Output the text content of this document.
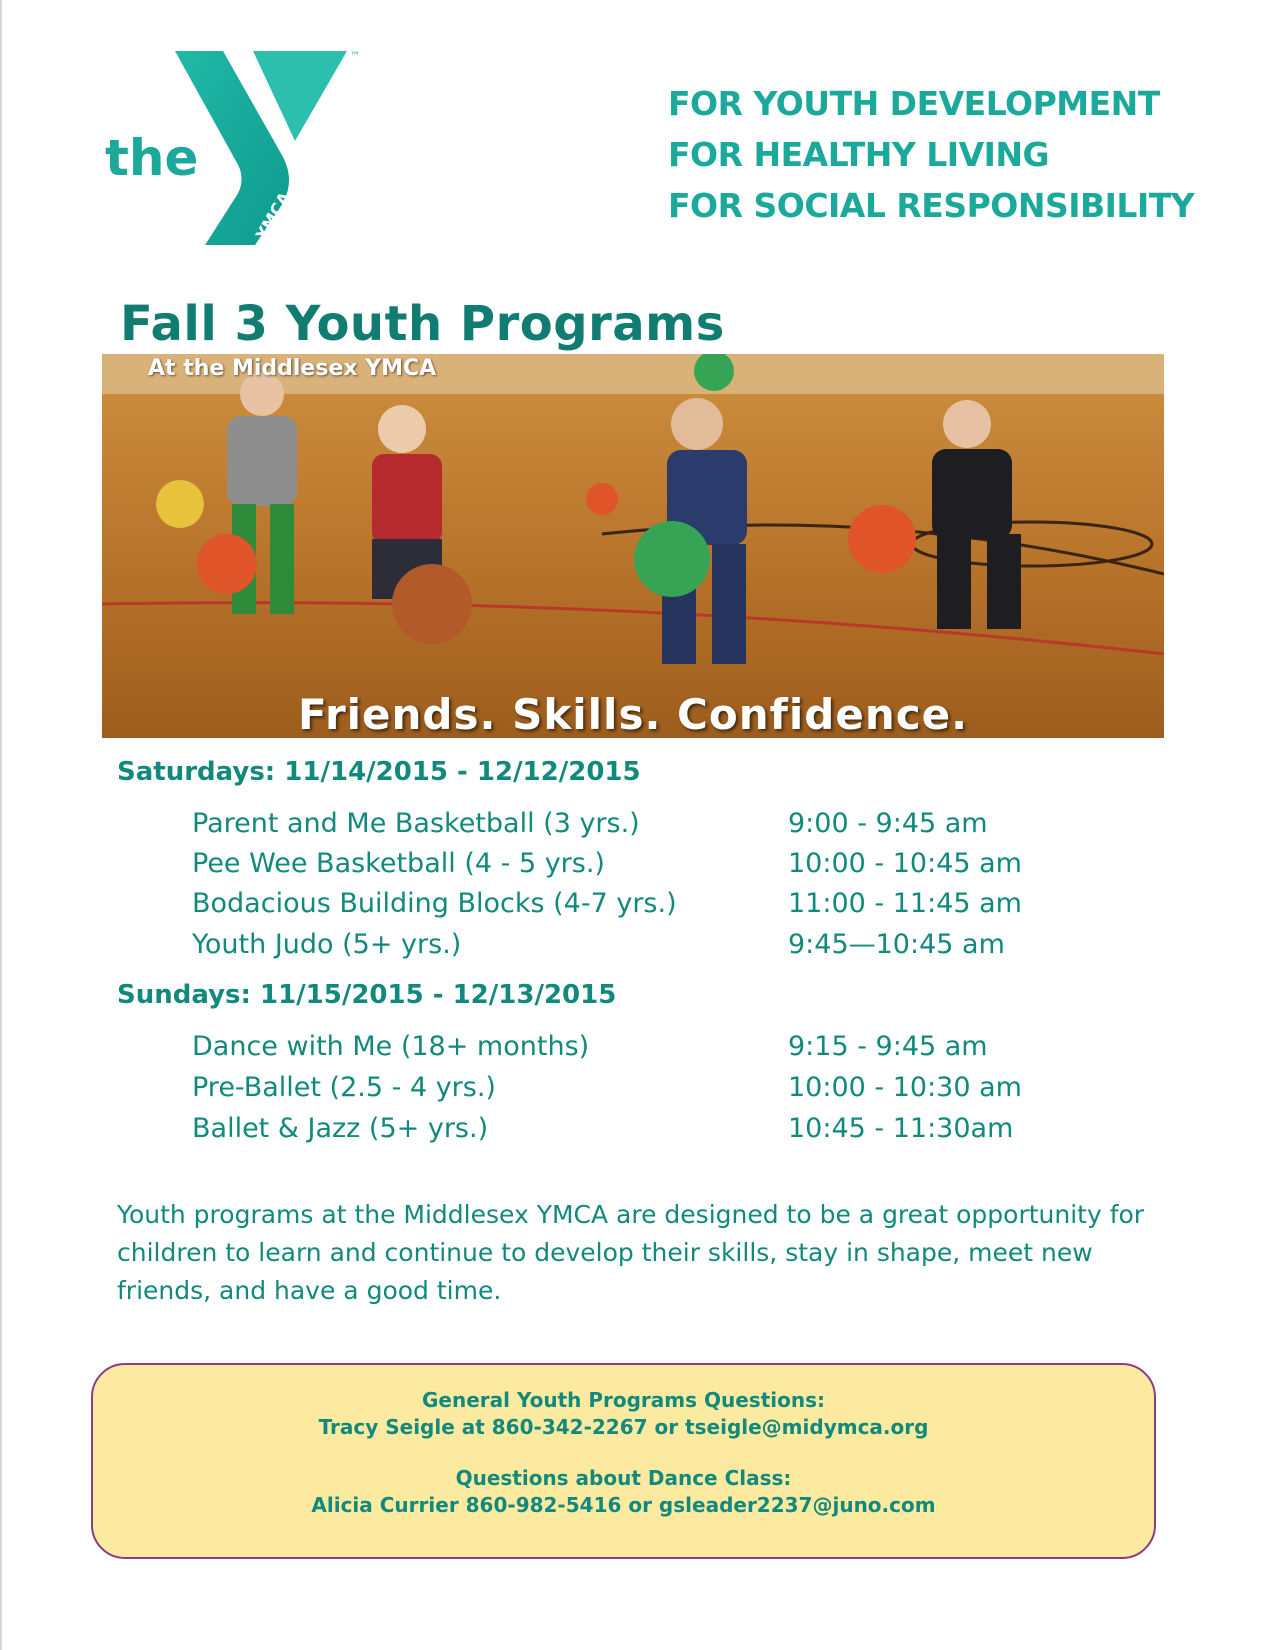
the
YMCA
™
FOR YOUTH DEVELOPMENT
FOR HEALTHY LIVING
FOR SOCIAL RESPONSIBILITY
Fall 3 Youth Programs
At the Middlesex YMCA
Friends. Skills. Confidence.
Saturdays: 11/14/2015 - 12/12/2015
Parent and Me Basketball (3 yrs.)	9:00 - 9:45 am
Pee Wee Basketball (4 - 5 yrs.)	10:00 - 10:45 am
Bodacious Building Blocks (4-7 yrs.)	11:00 - 11:45 am
Youth Judo (5+ yrs.)	9:45—10:45 am
Sundays: 11/15/2015 - 12/13/2015
Dance with Me (18+ months)	9:15 - 9:45 am
Pre-Ballet (2.5 - 4 yrs.)	10:00 - 10:30 am
Ballet & Jazz (5+ yrs.)	10:45 - 11:30am
Youth programs at the Middlesex YMCA are designed to be a great opportunity for children to learn and continue to develop their skills, stay in shape, meet new friends, and have a good time.
General Youth Programs Questions:
Tracy Seigle at 860-342-2267 or tseigle@midymca.org
Questions about Dance Class:
Alicia Currier 860-982-5416 or gsleader2237@juno.com
